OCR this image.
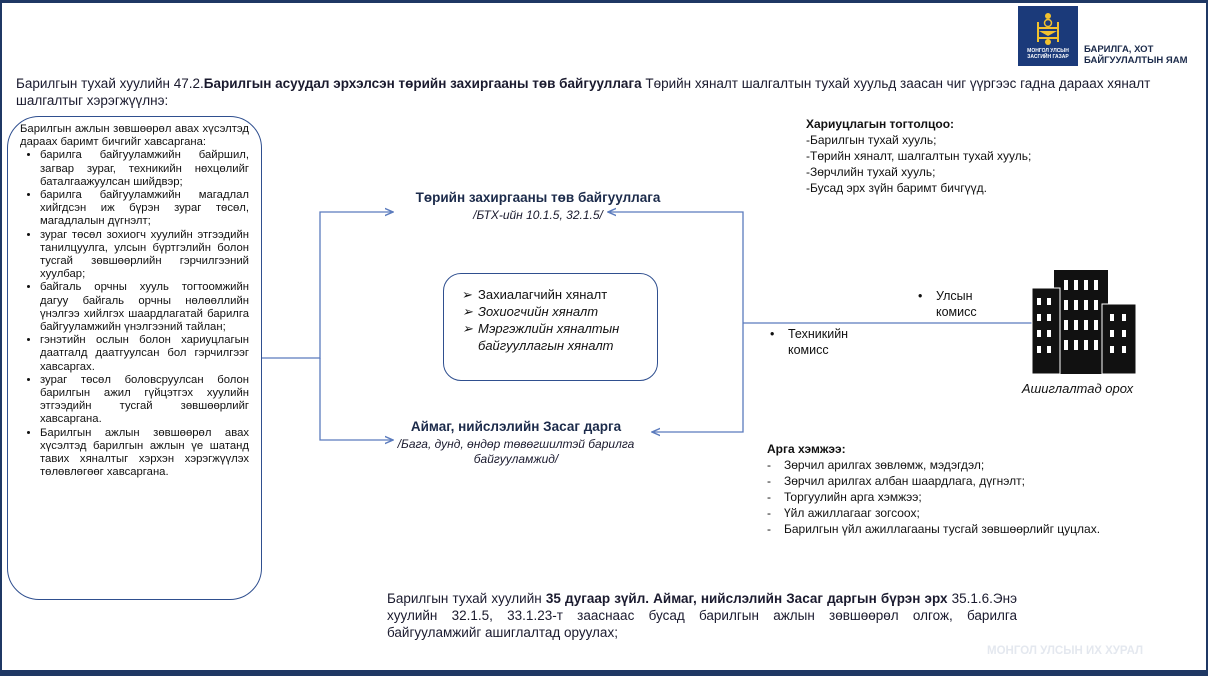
МОНГОЛ УЛСЫН ЗАСГИЙН ГАЗАР
БАРИЛГА, ХОТ БАЙГУУЛАЛТЫН ЯАМ
Барилгын тухай хуулийн 47.2.Барилгын асуудал эрхэлсэн төрийн захиргааны төв байгууллага Төрийн хяналт шалгалтын тухай хуульд заасан чиг үүргээс гадна дараах хяналт шалгалтыг хэрэгжүүлнэ:

Барилгын ажлын зөвшөөрөл авах хүсэлтэд дараах баримт бичгийг хавсаргана:

• барилга байгууламжийн байршил, загвар зураг, техникийн нөхцөлийг баталгаажуулсан шийдвэр;
• барилга байгууламжийн магадлал хийгдсэн иж бүрэн зураг төсөл, магадлалын дүгнэлт;
• зураг төсөл зохиогч хуулийн этгээдийн танилцуулга, улсын бүртгэлийн болон тусгай зөвшөөрлийн гэрчилгээний хуулбар;
• байгаль орчны хууль тогтоомжийн дагуу байгаль орчны нөлөөллийн үнэлгээ хийлгэх шаардлагатай барилга байгууламжийн үнэлгээний тайлан;
• гэнэтийн ослын болон хариуцлагын даатгалд даатгуулсан бол гэрчилгээг хавсаргах.
• зураг төсөл боловсруулсан болон барилгын ажил гүйцэтгэх хуулийн этгээдийн тусгай зөвшөөрлийг хавсаргана.
• Барилгын ажлын зөвшөөрөл авах хүсэлтэд барилгын ажлын үе шатанд тавих хяналтыг хэрхэн хэрэгжүүлэх төлөвлөгөөг хавсаргана.
Төрийн захиргааны төв байгууллага
/БТХ-ийн 10.1.5, 32.1.5/
➢ Захиалагчийн хяналт
➢ Зохиогчийн хяналт
➢ Мэргэжлийн хяналтын байгууллагын хяналт
Аймаг, нийслэлийн Засаг дарга
/Бага, дунд, өндөр төвөгшилтэй барилга байгууламжид/
Хариуцлагын тогтолцоо:
-Барилгын тухай хууль;
-Төрийн хяналт, шалгалтын тухай хууль;
-Зөрчлийн тухай хууль;
-Бусад эрх зүйн баримт бичгүүд.
•	Улсын комисс
•	Техникийн комисс
Ашиглалтад орох
Арга хэмжээ:
- Зөрчил арилгах зөвлөмж, мэдэгдэл;
- Зөрчил арилгах албан шаардлага, дүгнэлт;
- Торгуулийн арга хэмжээ;
- Үйл ажиллагааг зогсоох;
- Барилгын үйл ажиллагааны тусгай зөвшөөрлийг цуцлах.
Барилгын тухай хуулийн 35 дугаар зүйл. Аймаг, нийслэлийн Засаг даргын бүрэн эрх 35.1.6.Энэ хуулийн 32.1.5, 33.1.23-т зааснаас бусад барилгын ажлын зөвшөөрөл олгож, барилга байгууламжийг ашиглалтад оруулах;
МОНГОЛ УЛСЫН ИХ ХУРАЛ
